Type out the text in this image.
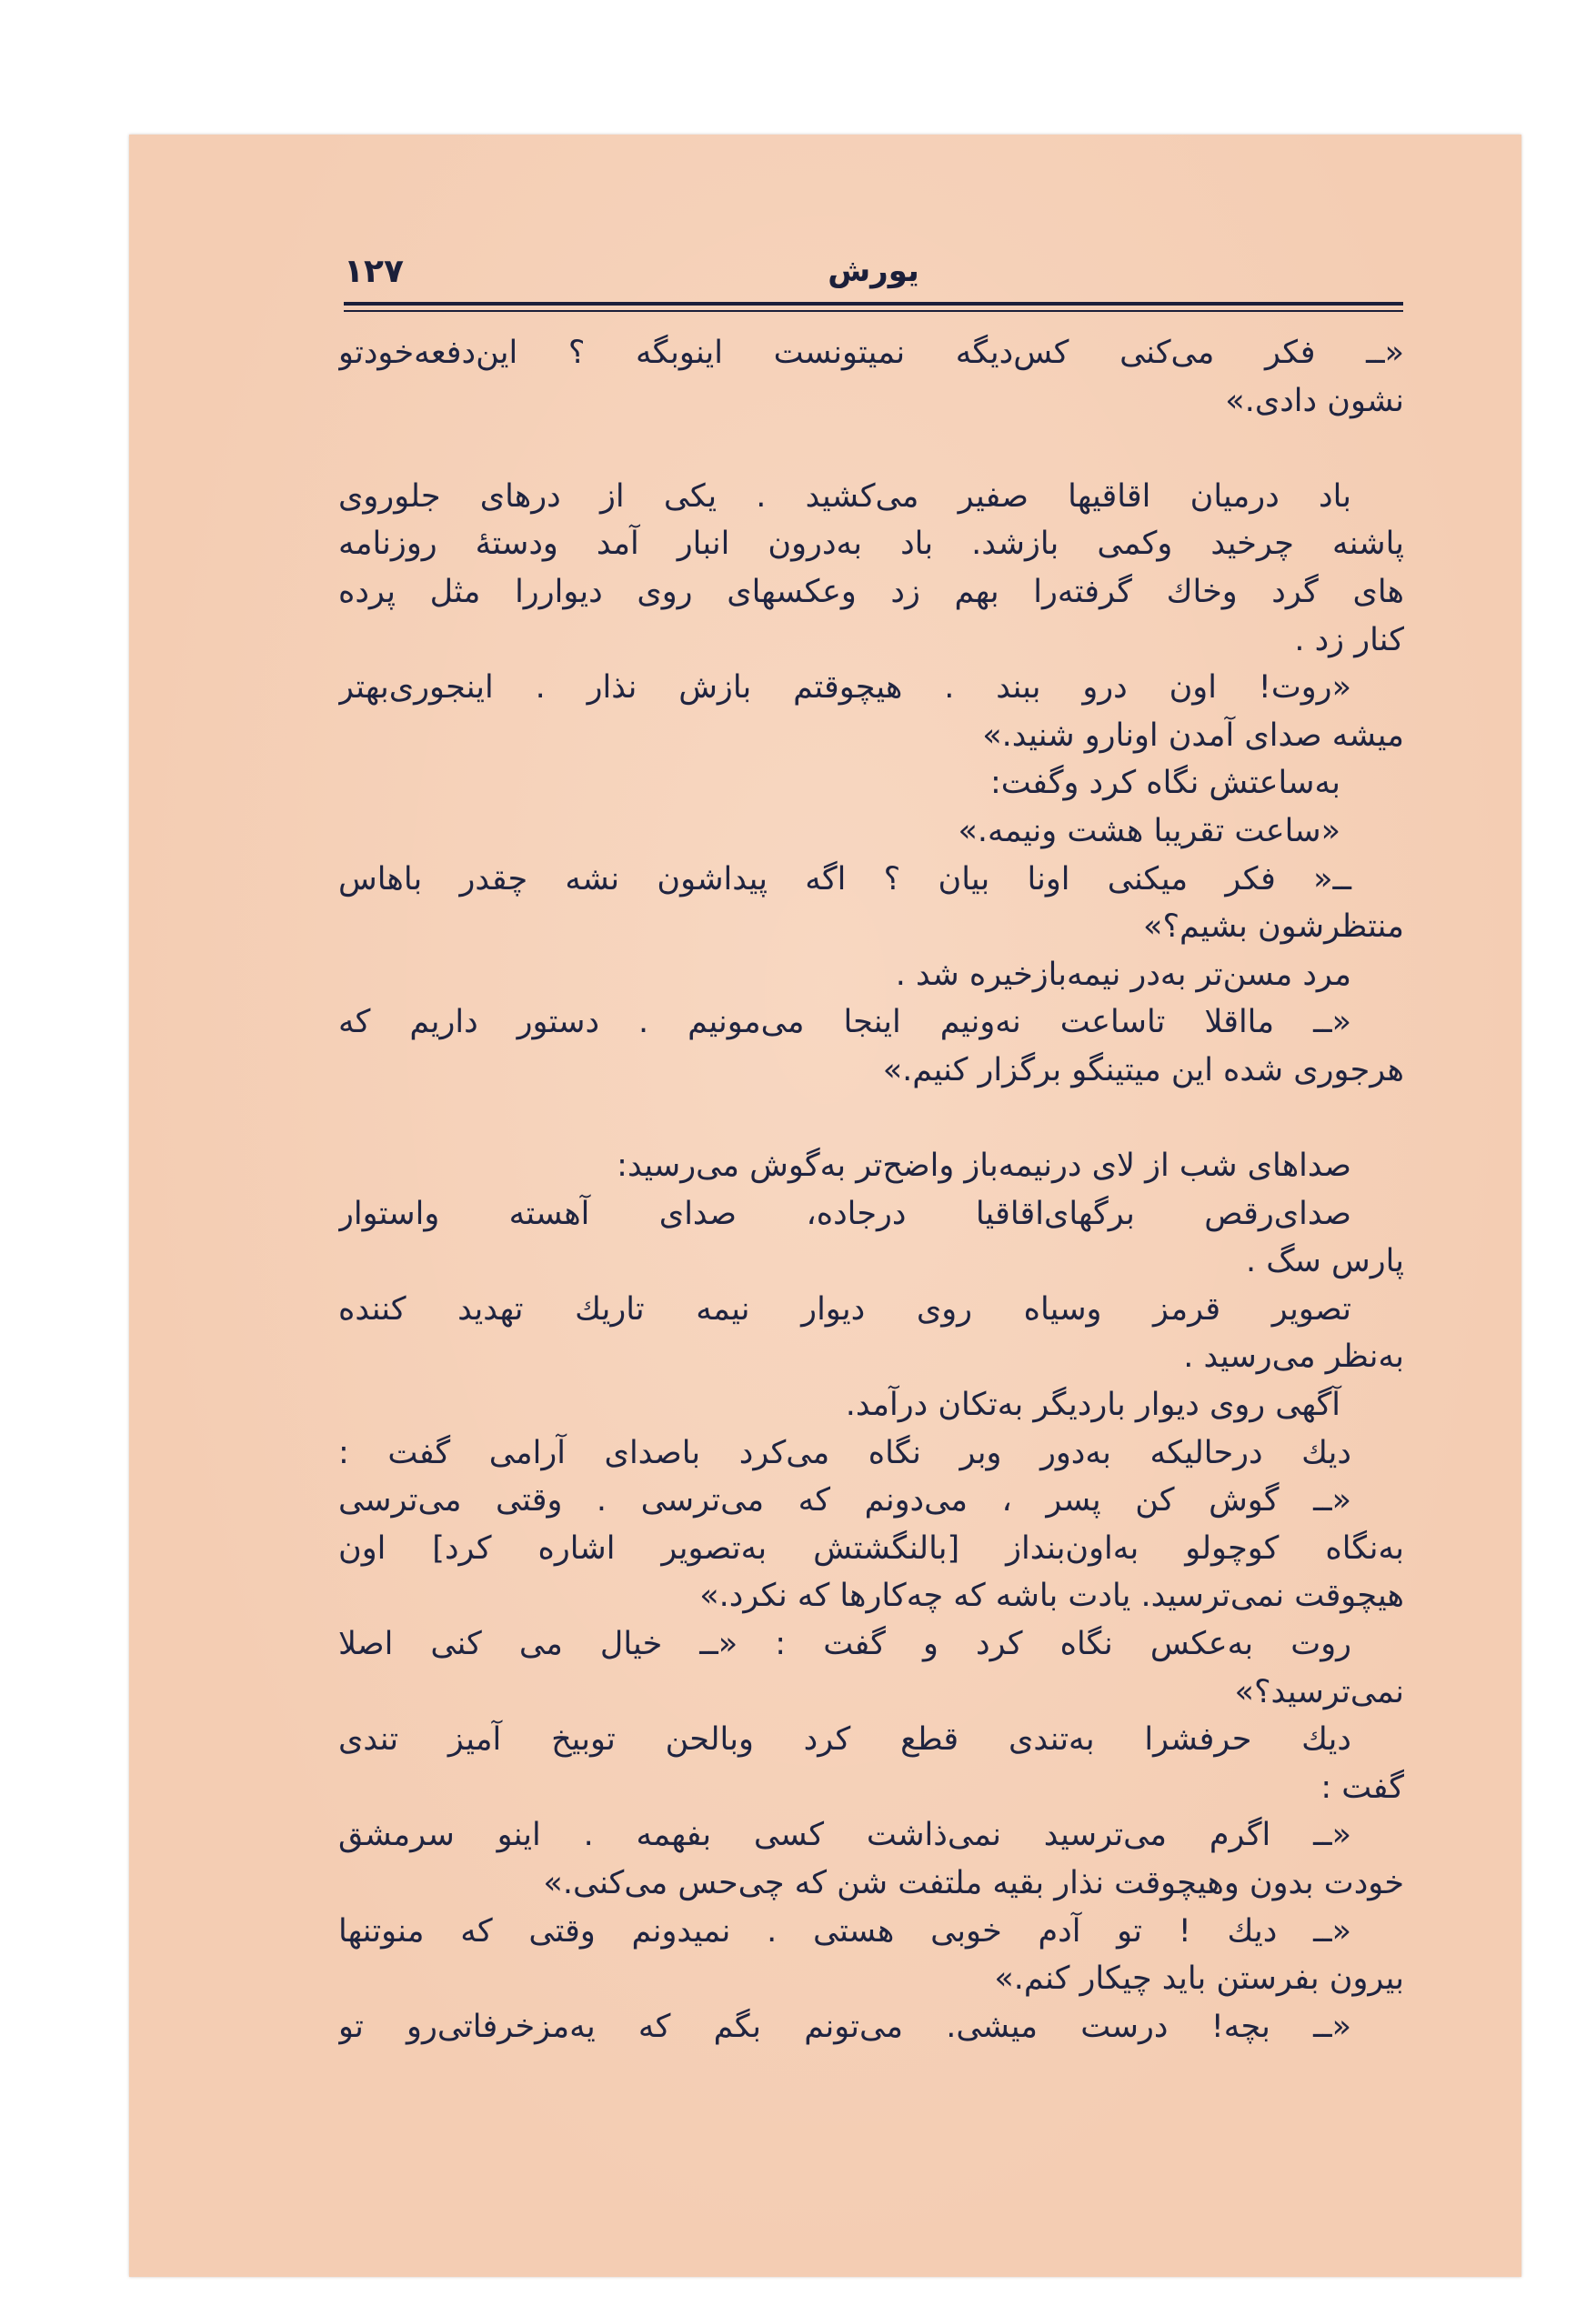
۱۲۷	یورش
«ــ فکر می‌کنی کس‌دیگه نمیتونست اینوبگه ؟ این‌دفعه‌خودتو
نشون دادی.»
باد درمیان اقاقیها صفیر می‌کشید . یکی از درهای جلوروی
پاشنه چرخید وکمی بازشد. باد به‌درون انبار آمد ودستهٔ روزنامه
های گرد وخاك گرفته‌را بهم زد وعکسهای روی دیواررا مثل پرده
کنار زد .
«روت! اون درو ببند . هیچوقتم بازش نذار . اینجوری‌بهتر
میشه صدای آمدن اونارو شنید.»
به‌ساعتش نگاه کرد وگفت:
«ساعت تقریبا هشت ونیمه.»
ــ« فکر میکنی اونا بیان ؟ اگه پیداشون نشه چقدر باهاس
منتظرشون بشیم؟»
مرد مسن‌تر به‌در نیمه‌بازخیره شد .
«ــ مااقلا تاساعت نه‌ونیم اینجا می‌مونیم . دستور داریم که
هرجوری شده این میتینگو برگزار کنیم.»
صداهای شب از لای درنیمه‌باز واضح‌تر به‌گوش می‌رسید:
صدای‌رقص برگهای‌اقاقیا درجاده، صدای آهسته واستوار
پارس سگ .
تصویر قرمز وسیاه روی دیوار نیمه تاریك تهدید کننده
به‌نظر می‌رسید .
آگهی روی دیوار باردیگر به‌تکان درآمد.
دیك درحالیکه به‌دور وبر نگاه می‌کرد باصدای آرامی گفت :
«ــ گوش کن پسر ، می‌دونم که می‌ترسی . وقتی می‌ترسی
به‌نگاه کوچولو به‌اون‌بنداز [بالنگشتش به‌تصویر اشاره کرد] اون
هیچوقت نمی‌ترسید. یادت باشه که چه‌کارها که نکرد.»
روت به‌عکس نگاه کرد و گفت : «ــ خیال می کنی اصلا
نمی‌ترسید؟»
دیك حرفشرا به‌تندی قطع کرد وبالحن توبیخ آمیز تندی
گفت :
«ــ اگرم می‌ترسید نمی‌ذاشت کسی بفهمه . اینو سرمشق
خودت بدون وهیچوقت نذار بقیه ملتفت شن که چی‌حس می‌کنی.»
«ــ دیك ! تو آدم خوبی هستی . نمیدونم وقتی که منوتنها
بیرون بفرستن باید چیکار کنم.»
«ــ بچه! درست میشی. می‌تونم بگم که یه‌مزخرفاتی‌رو تو
